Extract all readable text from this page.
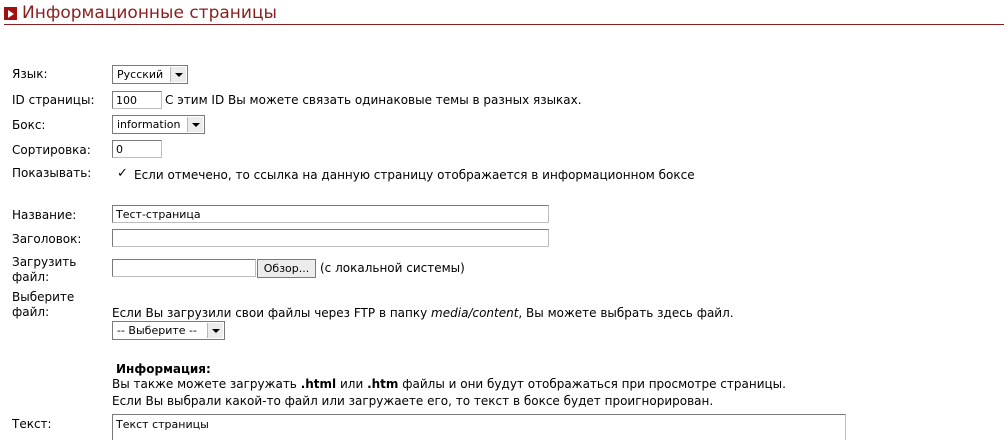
Информационные страницы
Язык:	Русский
ID страницы:	100	С этим ID Вы можете связать одинаковые темы в разных языках.
Бокс:	information
Сортировка:	0
Показывать: ✓ Если отмечено, то ссылка на данную страницу отображается в информационном боксе
Название:	Тест-страница
Заголовок:
Загрузить
файл:
Обзор... (с локальной системы)
Выберите
файл:	Если Вы загрузили свои файлы через FTP в папку media/content, Вы можете выбрать здесь файл.
-- Выберите --
Информация:
Вы также можете загружать .html или .htm файлы и они будут отображаться при просмотре страницы.
Если Вы выбрали какой-то файл или загружаете его, то текст в боксе будет проигнорирован.
Текст:	Текст страницы
